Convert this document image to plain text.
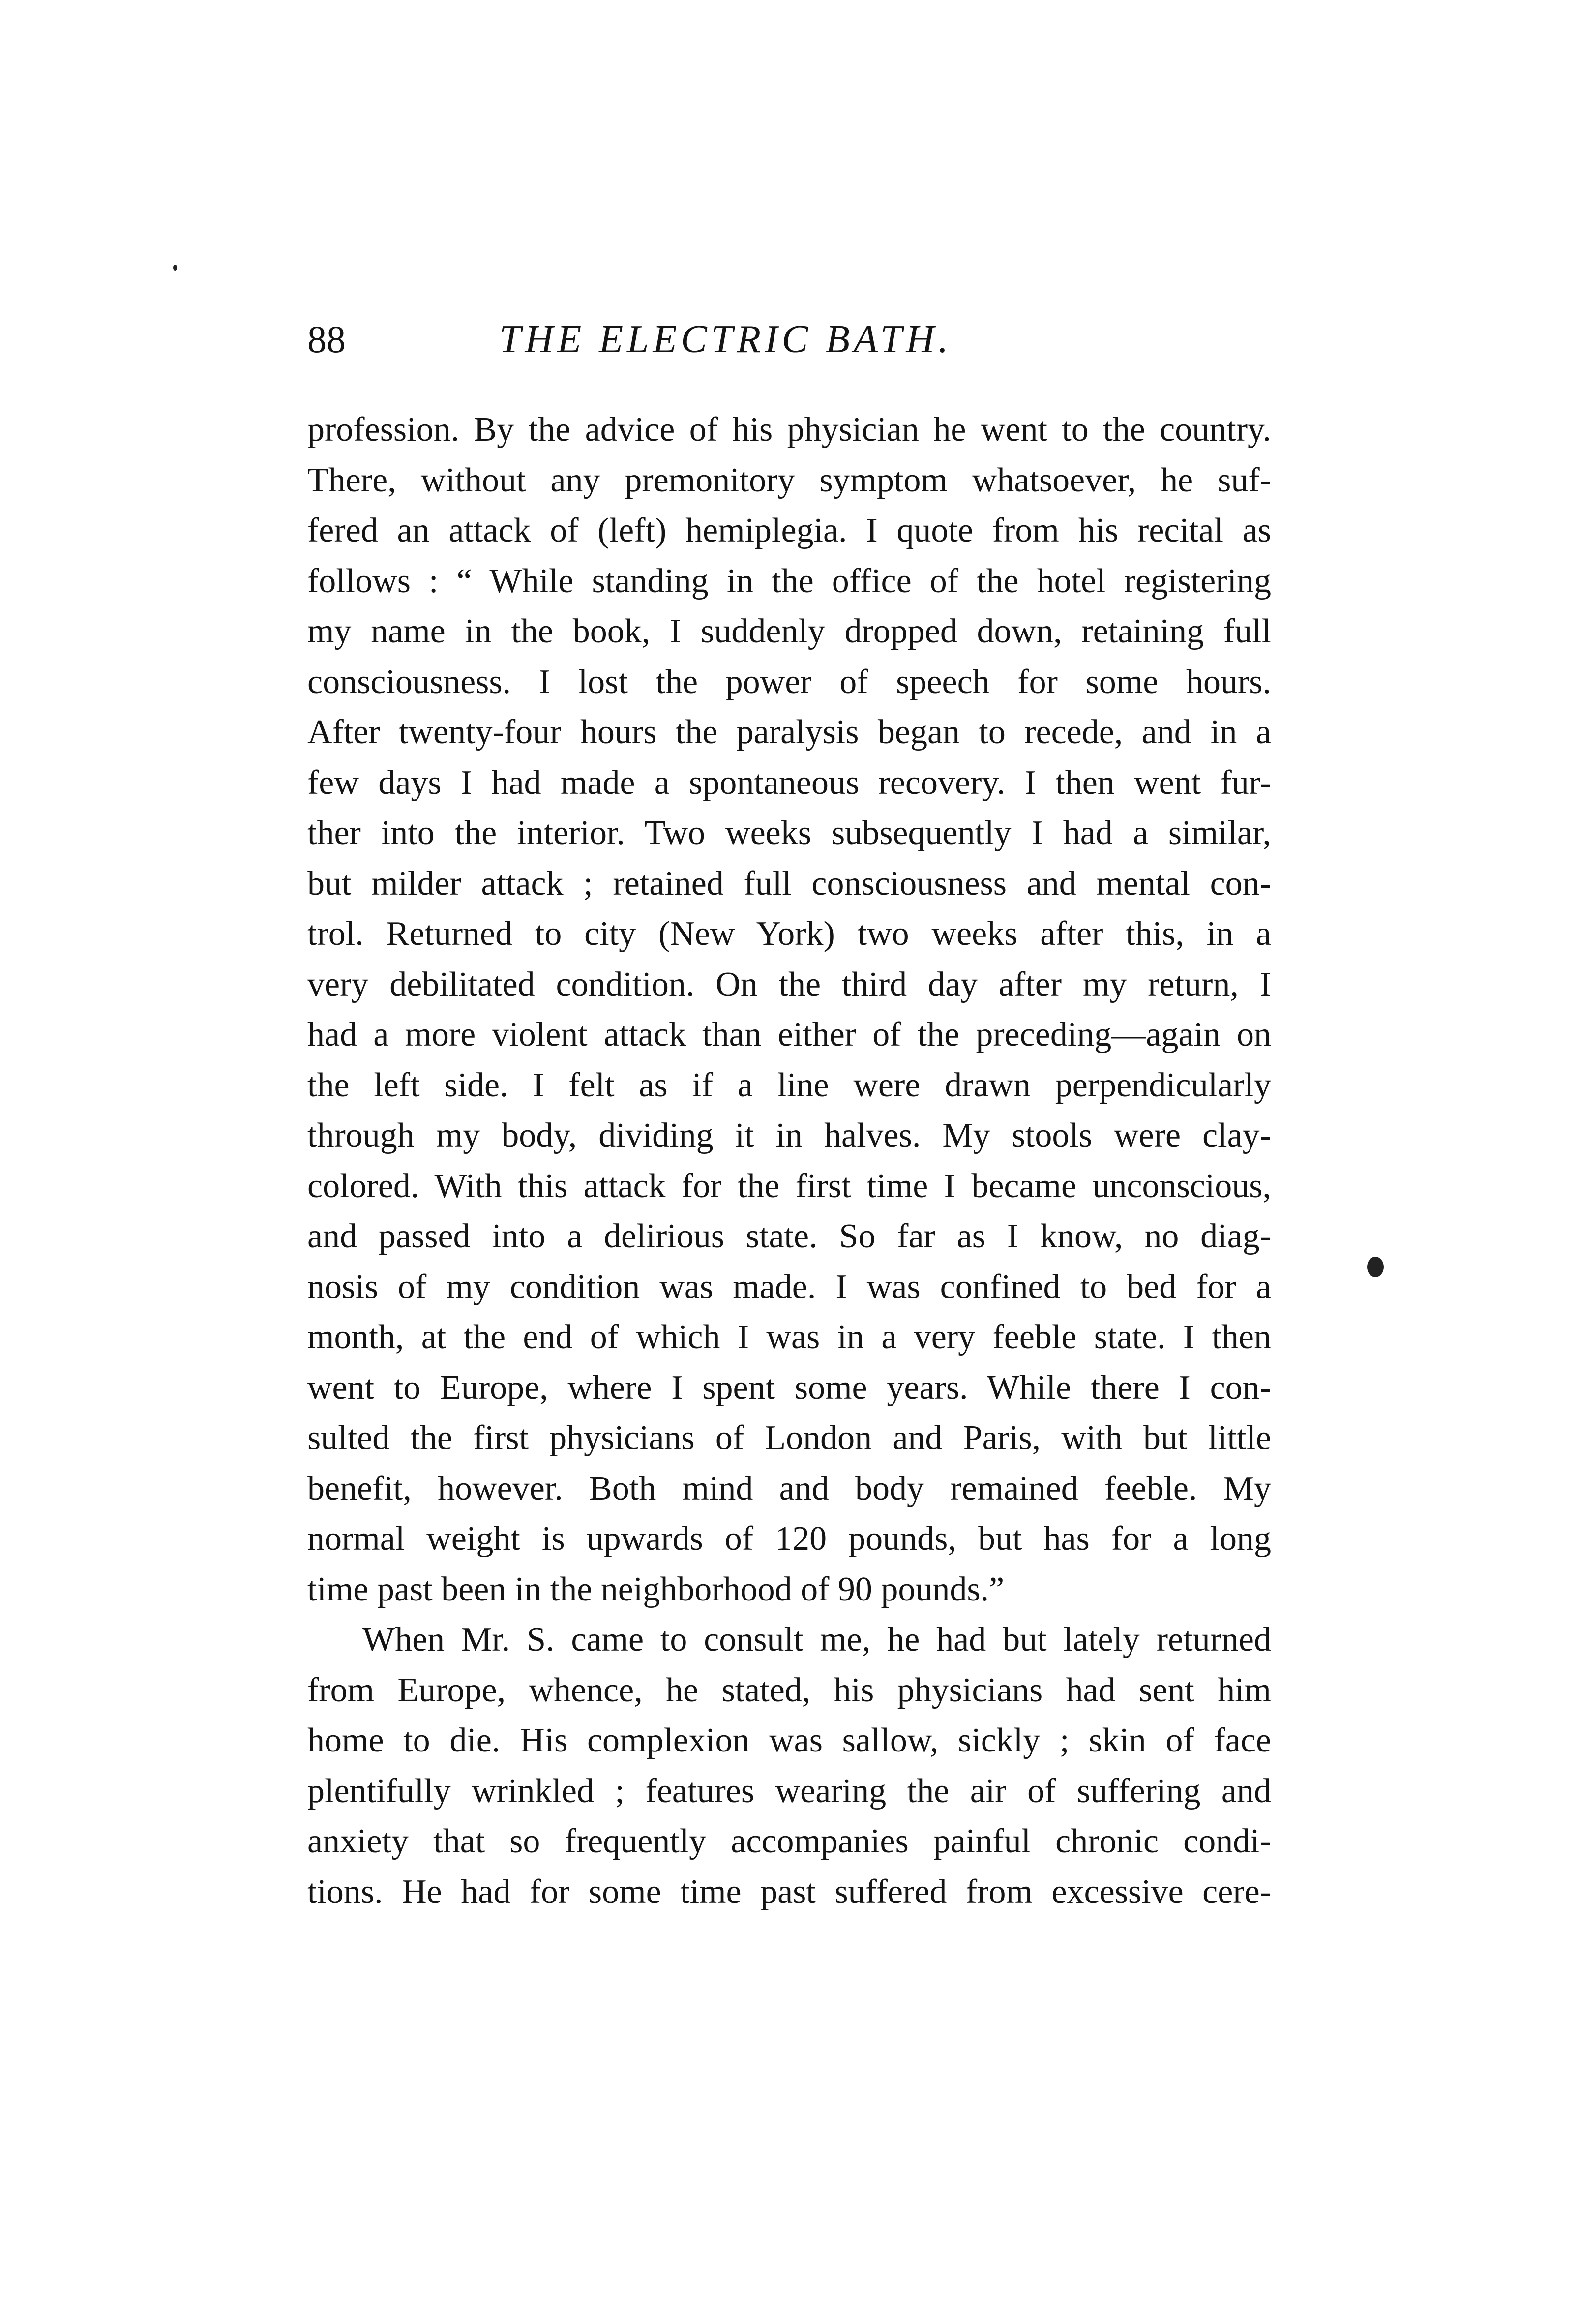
88	THE ELECTRIC BATH.
profession. By the advice of his physician he went to the country.
There, without any premonitory symptom whatsoever, he suf-
fered an attack of (left) hemiplegia. I quote from his recital as
follows : “ While standing in the office of the hotel registering
my name in the book, I suddenly dropped down, retaining full
consciousness. I lost the power of speech for some hours.
After twenty-four hours the paralysis began to recede, and in a
few days I had made a spontaneous recovery. I then went fur-
ther into the interior. Two weeks subsequently I had a similar,
but milder attack ; retained full consciousness and mental con-
trol. Returned to city (New York) two weeks after this, in a
very debilitated condition. On the third day after my return, I
had a more violent attack than either of the preceding—again on
the left side. I felt as if a line were drawn perpendicularly
through my body, dividing it in halves. My stools were clay-
colored. With this attack for the first time I became unconscious,
and passed into a delirious state. So far as I know, no diag-
nosis of my condition was made. I was confined to bed for a
month, at the end of which I was in a very feeble state. I then
went to Europe, where I spent some years. While there I con-
sulted the first physicians of London and Paris, with but little
benefit, however. Both mind and body remained feeble. My
normal weight is upwards of 120 pounds, but has for a long
time past been in the neighborhood of 90 pounds.”
When Mr. S. came to consult me, he had but lately returned
from Europe, whence, he stated, his physicians had sent him
home to die. His complexion was sallow, sickly ; skin of face
plentifully wrinkled ; features wearing the air of suffering and
anxiety that so frequently accompanies painful chronic condi-
tions. He had for some time past suffered from excessive cere-
